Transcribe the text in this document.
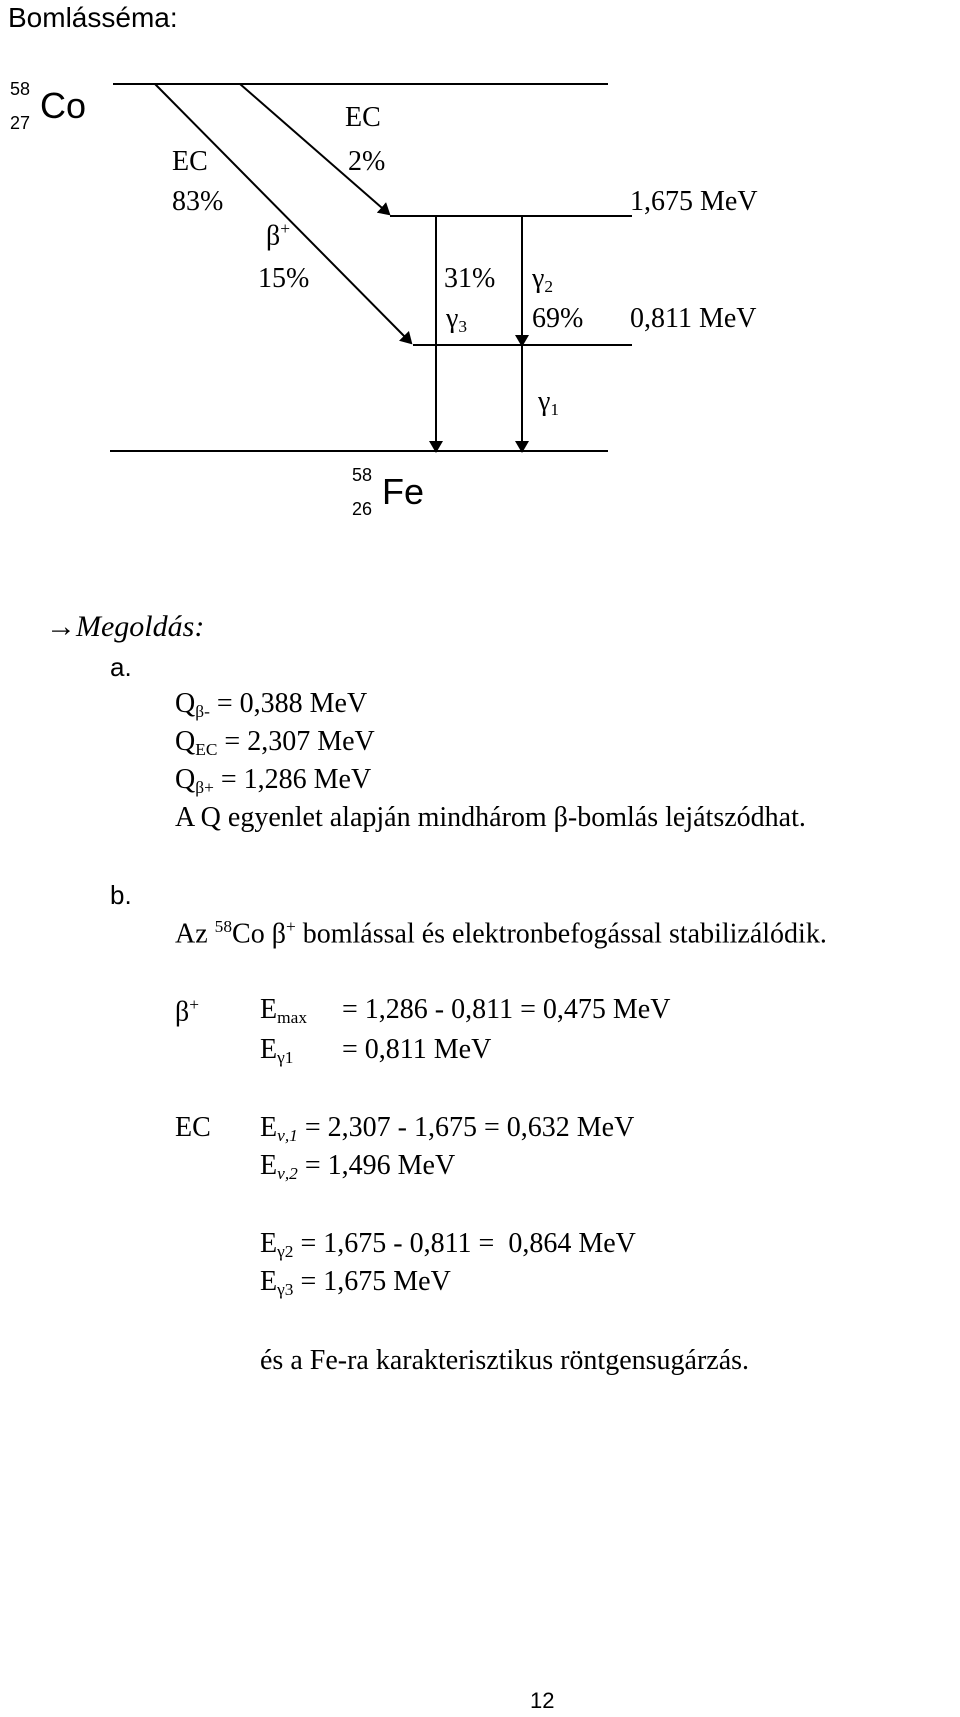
Bomlásséma:
58
27 Co	EC
2%
EC
83%	1,675 MeV
β+
15%	31%
$\gamma_3$
$\gamma_2$
69% 0,811 MeV
$\gamma_1$
58
26 Fe
→Megoldás:
a.
$Q_{\beta-} = 0,388$ MeV
$Q_{EC} = 2,307$ MeV
$Q_{\beta+} = 1,286$ MeV
A Q egyenlet alapján mindhárom β-bomlás lejátszódhat.
b.
Az $^{58}$Co β+ bomlással és elektronbefogással stabilizálódik.
β+ $E_{max} = 1,286 - 0,811 = 0,475$ MeV
$E_{\gamma 1} = 0,811$ MeV
EC $E_{\nu,1} = 2,307 - 1,675 = 0,632$ MeV
$E_{\nu,2} = 1,496$ MeV
$E_{\gamma 2} = 1,675 - 0,811 = 0,864$ MeV
$E_{\gamma 3} = 1,675$ MeV
és a Fe-ra karakterisztikus röntgensugárzás.
12
